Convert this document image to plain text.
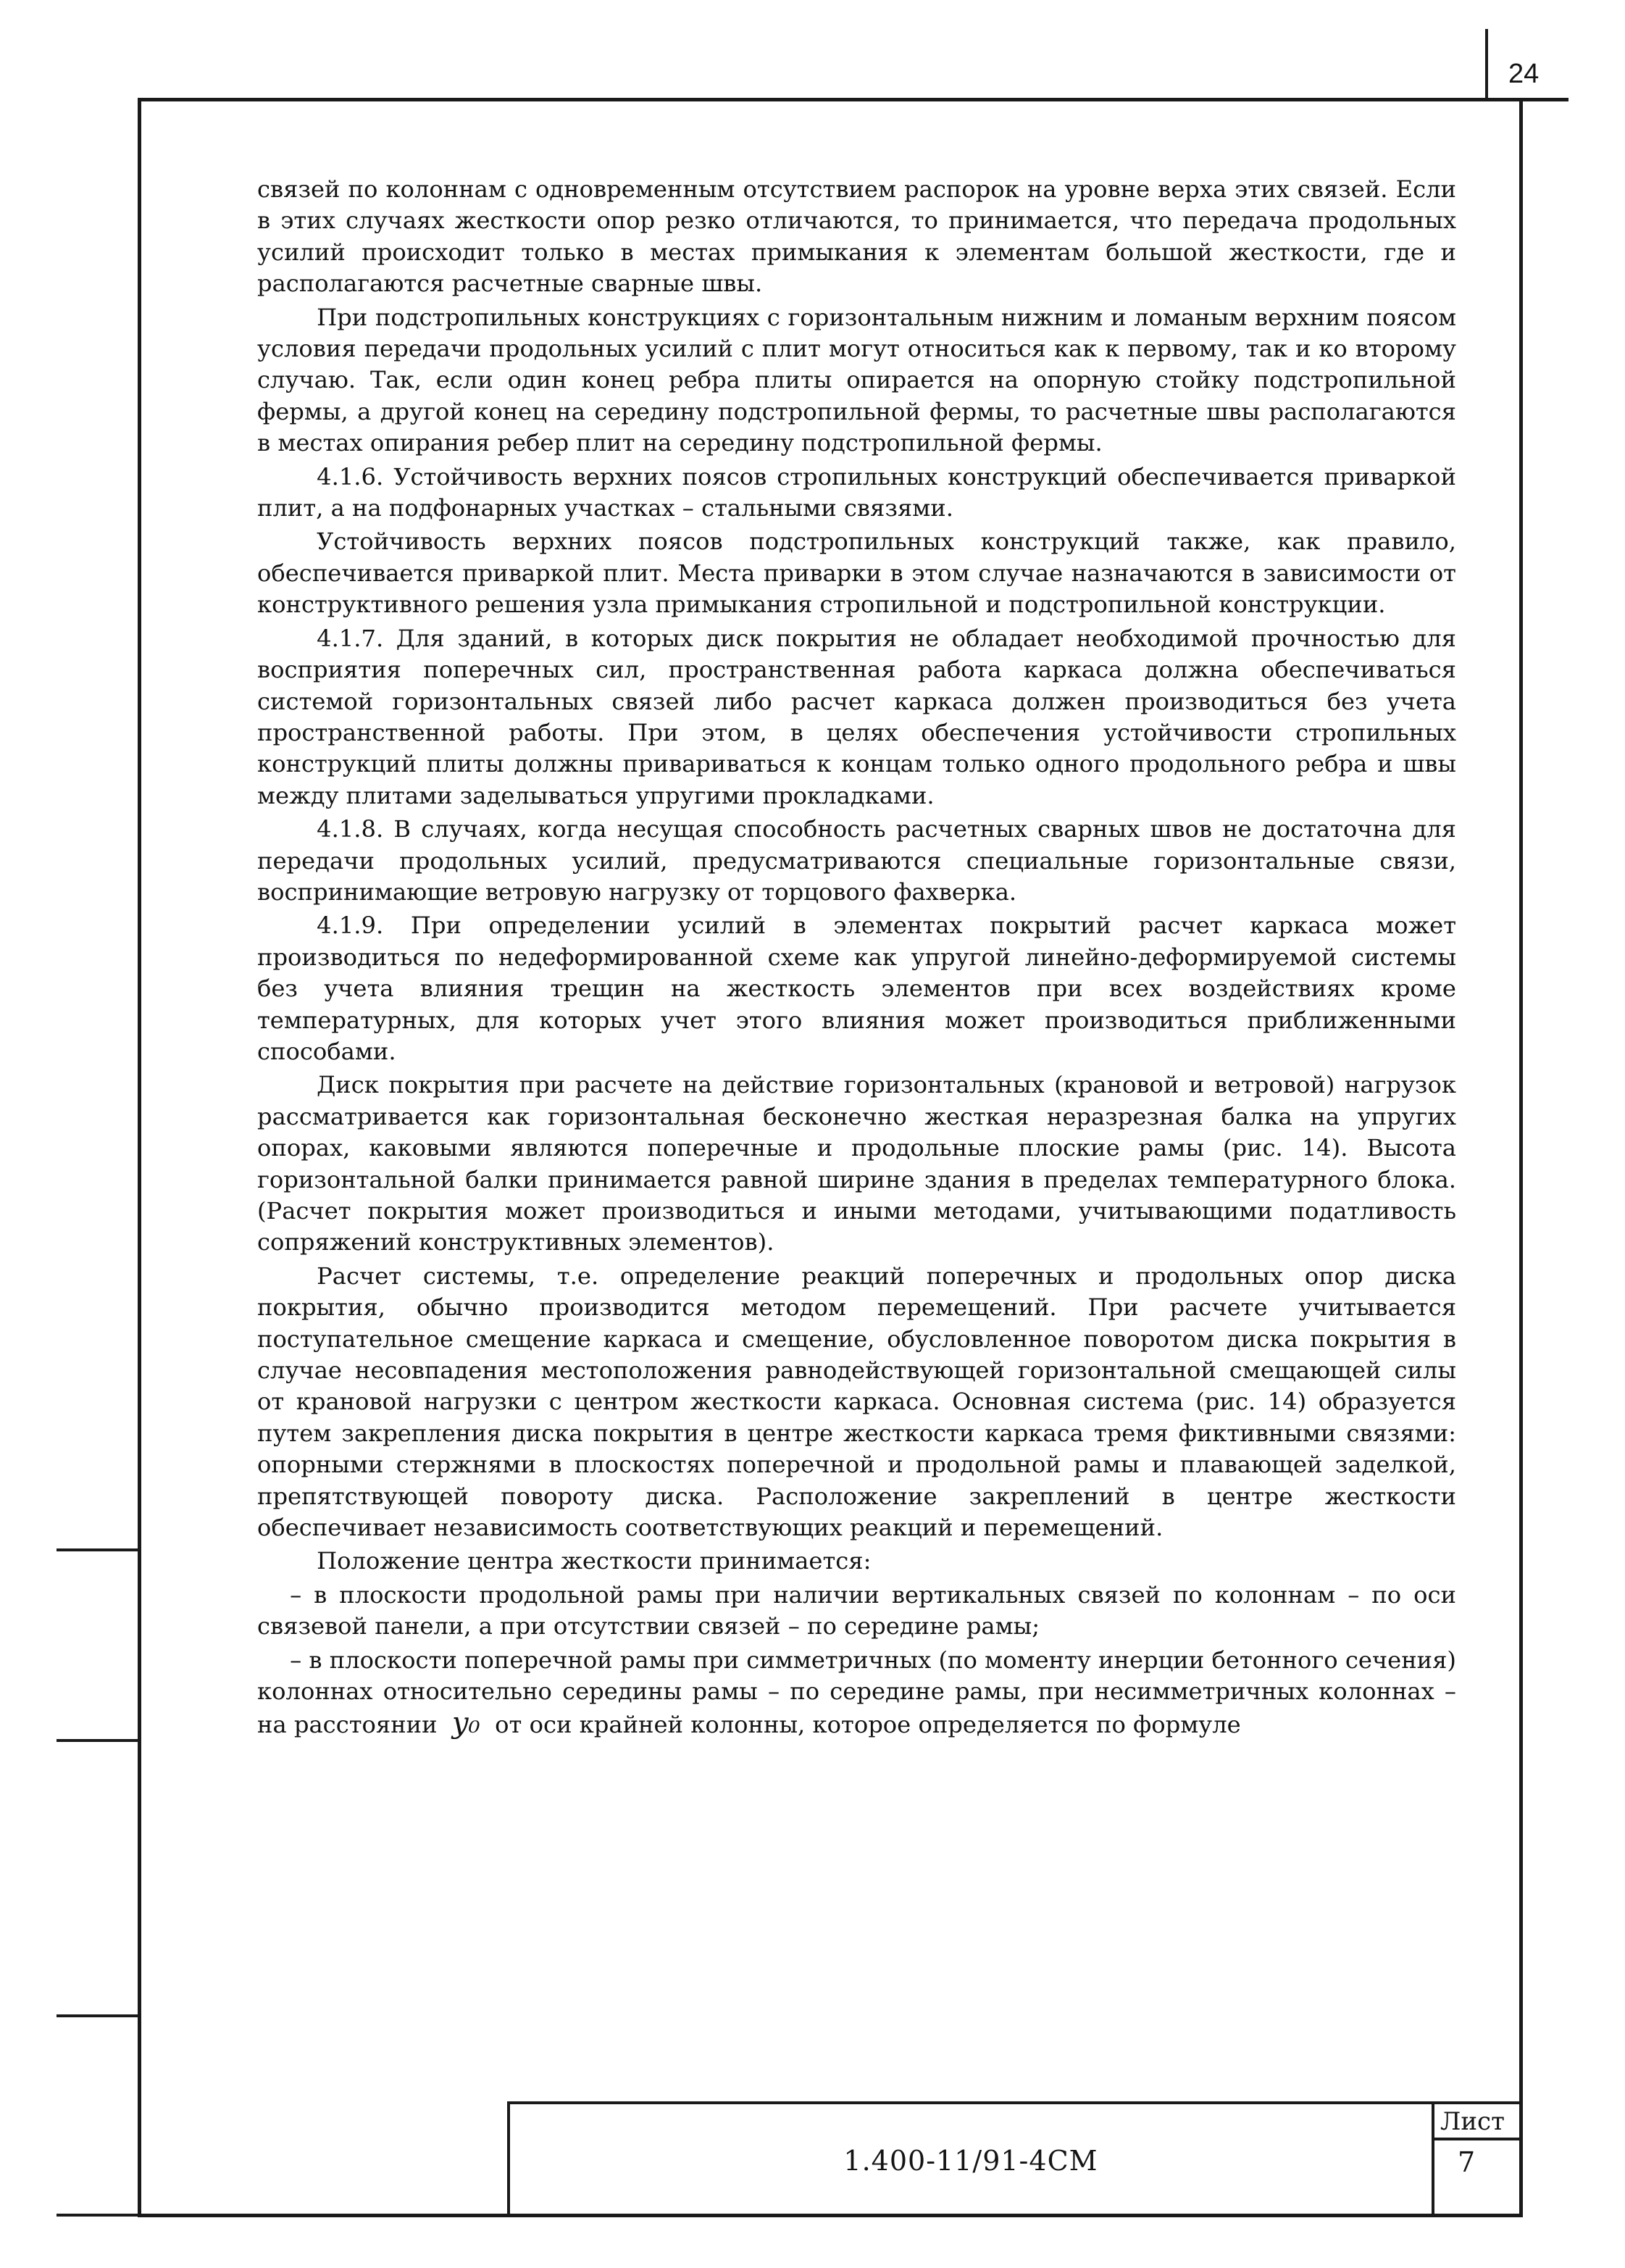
24

связей по колоннам с одновременным отсутствием распорок на уровне верха этих связей. Если в этих случаях жесткости опор резко отличаются, то принимается, что передача продольных усилий происходит только в местах примыкания к элементам большой жесткости, где и располагаются расчетные сварные швы.

При подстропильных конструкциях с горизонтальным нижним и ломаным верхним поясом условия передачи продольных усилий с плит могут относиться как к первому, так и ко второму случаю. Так, если один конец ребра плиты опирается на опорную стойку подстропильной фермы, а другой конец на середину подстропильной фермы, то расчетные швы располагаются в местах опирания ребер плит на середину подстропильной фермы.

4.1.6. Устойчивость верхних поясов стропильных конструкций обеспечивается приваркой плит, а на подфонарных участках – стальными связями.

Устойчивость верхних поясов подстропильных конструкций также, как правило, обеспечивается приваркой плит. Места приварки в этом случае назначаются в зависимости от конструктивного решения узла примыкания стропильной и подстропильной конструкции.

4.1.7. Для зданий, в которых диск покрытия не обладает необходимой прочностью для восприятия поперечных сил, пространственная работа каркаса должна обеспечиваться системой горизонтальных связей либо расчет каркаса должен производиться без учета пространственной работы. При этом, в целях обеспечения устойчивости стропильных конструкций плиты должны привариваться к концам только одного продольного ребра и швы между плитами заделываться упругими прокладками.

4.1.8. В случаях, когда несущая способность расчетных сварных швов не достаточна для передачи продольных усилий, предусматриваются специальные горизонтальные связи, воспринимающие ветровую нагрузку от торцового фахверка.

4.1.9. При определении усилий в элементах покрытий расчет каркаса может производиться по недеформированной схеме как упругой линейно-деформируемой системы без учета влияния трещин на жесткость элементов при всех воздействиях кроме температурных, для которых учет этого влияния может производиться приближенными способами.

Диск покрытия при расчете на действие горизонтальных (крановой и ветровой) нагрузок рассматривается как горизонтальная бесконечно жесткая неразрезная балка на упругих опорах, каковыми являются поперечные и продольные плоские рамы (рис. 14). Высота горизонтальной балки принимается равной ширине здания в пределах температурного блока. (Расчет покрытия может производиться и иными методами, учитывающими податливость сопряжений конструктивных элементов).

Расчет системы, т.е. определение реакций поперечных и продольных опор диска покрытия, обычно производится методом перемещений. При расчете учитывается поступательное смещение каркаса и смещение, обусловленное поворотом диска покрытия в случае несовпадения местоположения равнодействующей горизонтальной смещающей силы от крановой нагрузки с центром жесткости каркаса. Основная система (рис. 14) образуется путем закрепления диска покрытия в центре жесткости каркаса тремя фиктивными связями: опорными стержнями в плоскостях поперечной и продольной рамы и плавающей заделкой, препятствующей повороту диска. Расположение закреплений в центре жесткости обеспечивает независимость соответствующих реакций и перемещений.

Положение центра жесткости принимается:

– в плоскости продольной рамы при наличии вертикальных связей по колоннам – по оси связевой панели, а при отсутствии связей – по середине рамы;

– в плоскости поперечной рамы при симметричных (по моменту инерции бетонного сечения) колоннах относительно середины рамы – по середине рамы, при несимметричных колоннах – на расстоянии y₀ от оси крайней колонны, которое определяется по формуле

1.400-11/91-4СМ
Лист
7
